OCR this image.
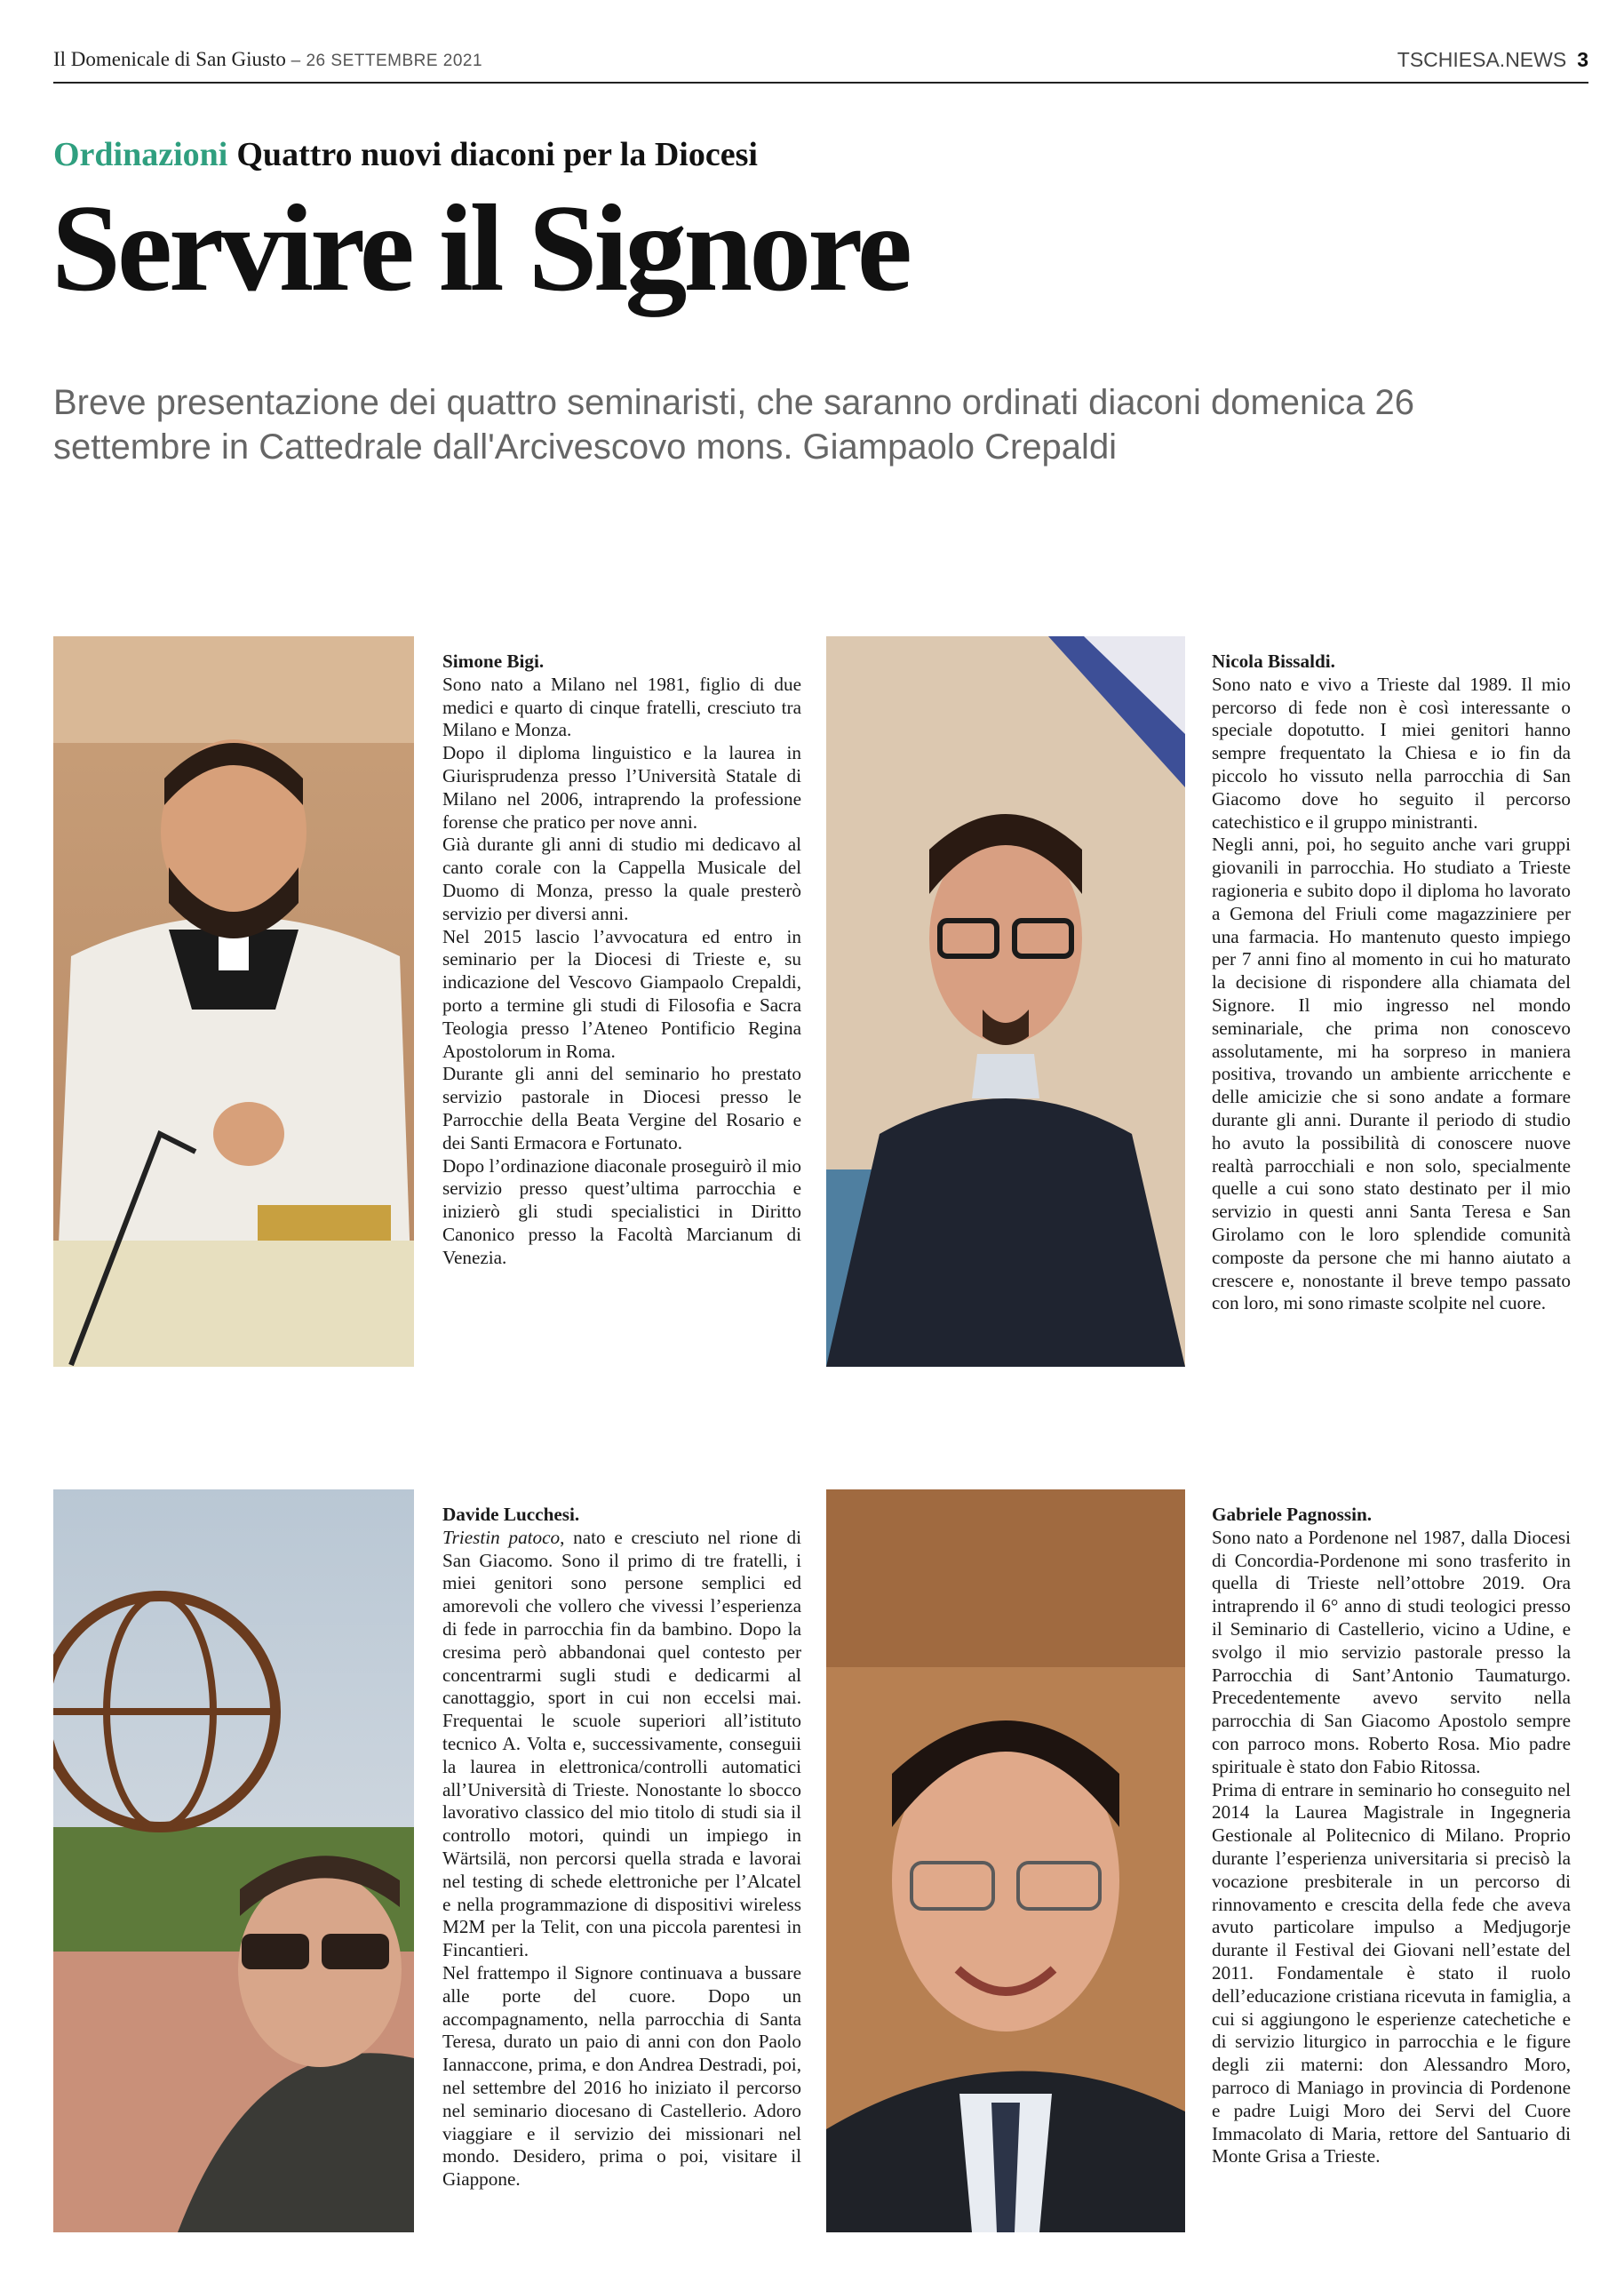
Il Domenicale di San Giusto – 26 SETTEMBRE 2021	TSCHIESA.NEWS 3
Ordinazioni Quattro nuovi diaconi per la Diocesi
Servire il Signore

Breve presentazione dei quattro seminaristi, che saranno ordinati diaconi domenica 26 settembre in Cattedrale dall'Arcivescovo mons. Giampaolo Crepaldi

Simone Bigi.
Sono nato a Milano nel 1981, figlio di due medici e quarto di cinque fratelli, cresciuto tra Milano e Monza.
Dopo il diploma linguistico e la laurea in Giurisprudenza presso l’Università Statale di Milano nel 2006, intraprendo la professione forense che pratico per nove anni.
Già durante gli anni di studio mi dedicavo al canto corale con la Cappella Musicale del Duomo di Monza, presso la quale presterò servizio per diversi anni.
Nel 2015 lascio l’avvocatura ed entro in seminario per la Diocesi di Trieste e, su indicazione del Vescovo Giampaolo Crepaldi, porto a termine gli studi di Filosofia e Sacra Teologia presso l’Ateneo Pontificio Regina Apostolorum in Roma.
Durante gli anni del seminario ho prestato servizio pastorale in Diocesi presso le Parrocchie della Beata Vergine del Rosario e dei Santi Ermacora e Fortunato.
Dopo l’ordinazione diaconale proseguirò il mio servizio presso quest’ultima parrocchia e inizierò gli studi specialistici in Diritto Canonico presso la Facoltà Marcianum di Venezia.
Nicola Bissaldi.
Sono nato e vivo a Trieste dal 1989. Il mio percorso di fede non è così interessante o speciale dopotutto. I miei genitori hanno sempre frequentato la Chiesa e io fin da piccolo ho vissuto nella parrocchia di San Giacomo dove ho seguito il percorso catechistico e il gruppo ministranti.
Negli anni, poi, ho seguito anche vari gruppi giovanili in parrocchia. Ho studiato a Trieste ragioneria e subito dopo il diploma ho lavorato a Gemona del Friuli come magazziniere per una farmacia. Ho mantenuto questo impiego per 7 anni fino al momento in cui ho maturato la decisione di rispondere alla chiamata del Signore. Il mio ingresso nel mondo seminariale, che prima non conoscevo assolutamente, mi ha sorpreso in maniera positiva, trovando un ambiente arricchente e delle amicizie che si sono andate a formare durante gli anni. Durante il periodo di studio ho avuto la possibilità di conoscere nuove realtà parrocchiali e non solo, specialmente quelle a cui sono stato destinato per il mio servizio in questi anni Santa Teresa e San Girolamo con le loro splendide comunità composte da persone che mi hanno aiutato a crescere e, nonostante il breve tempo passato con loro, mi sono rimaste scolpite nel cuore.
Davide Lucchesi.
Triestin patoco, nato e cresciuto nel rione di San Giacomo. Sono il primo di tre fratelli, i miei genitori sono persone semplici ed amorevoli che vollero che vivessi l’esperienza di fede in parrocchia fin da bambino. Dopo la cresima però abbandonai quel contesto per concentrarmi sugli studi e dedicarmi al canottaggio, sport in cui non eccelsi mai. Frequentai le scuole superiori all’istituto tecnico A. Volta e, successivamente, conseguii la laurea in elettronica/controlli automatici all’Università di Trieste. Nonostante lo sbocco lavorativo classico del mio titolo di studi sia il controllo motori, quindi un impiego in Wärtsilä, non percorsi quella strada e lavorai nel testing di schede elettroniche per l’Alcatel e nella programmazione di dispositivi wireless M2M per la Telit, con una piccola parentesi in Fincantieri.
Nel frattempo il Signore continuava a bussare alle porte del cuore. Dopo un accompagnamento, nella parrocchia di Santa Teresa, durato un paio di anni con don Paolo Iannaccone, prima, e don Andrea Destradi, poi, nel settembre del 2016 ho iniziato il percorso nel seminario diocesano di Castellerio. Adoro viaggiare e il servizio dei missionari nel mondo. Desidero, prima o poi, visitare il Giappone.
Gabriele Pagnossin.
Sono nato a Pordenone nel 1987, dalla Diocesi di Concordia-Pordenone mi sono trasferito in quella di Trieste nell’ottobre 2019. Ora intraprendo il 6° anno di studi teologici presso il Seminario di Castellerio, vicino a Udine, e svolgo il mio servizio pastorale presso la Parrocchia di Sant’Antonio Taumaturgo. Precedentemente avevo servito nella parrocchia di San Giacomo Apostolo sempre con parroco mons. Roberto Rosa. Mio padre spirituale è stato don Fabio Ritossa.
Prima di entrare in seminario ho conseguito nel 2014 la Laurea Magistrale in Ingegneria Gestionale al Politecnico di Milano. Proprio durante l’esperienza universitaria si precisò la vocazione presbiterale in un percorso di rinnovamento e crescita della fede che aveva avuto particolare impulso a Medjugorje durante il Festival dei Giovani nell’estate del 2011. Fondamentale è stato il ruolo dell’educazione cristiana ricevuta in famiglia, a cui si aggiungono le esperienze catechetiche e di servizio liturgico in parrocchia e le figure degli zii materni: don Alessandro Moro, parroco di Maniago in provincia di Pordenone e padre Luigi Moro dei Servi del Cuore Immacolato di Maria, rettore del Santuario di Monte Grisa a Trieste.
